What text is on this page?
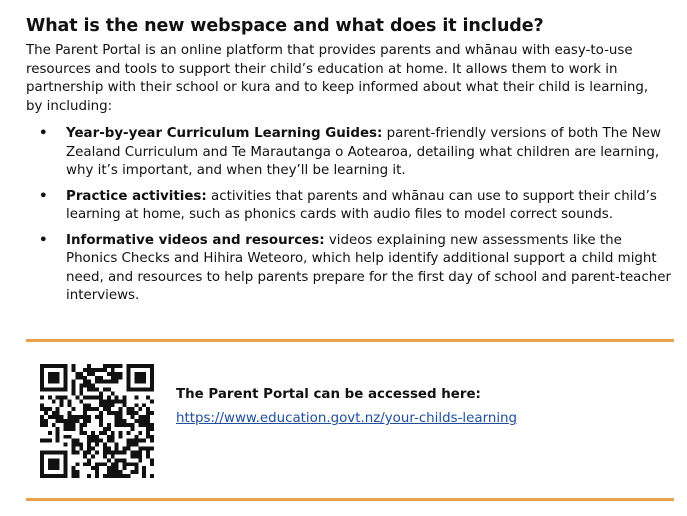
What is the new webspace and what does it include?

The Parent Portal is an online platform that provides parents and whānau with easy-to-use resources and tools to support their child’s education at home. It allows them to work in partnership with their school or kura and to keep informed about what their child is learning, by including:

• Year-by-year Curriculum Learning Guides: parent-friendly versions of both The New Zealand Curriculum and Te Marautanga o Aotearoa, detailing what children are learning, why it’s important, and when they’ll be learning it.
• Practice activities: activities that parents and whānau can use to support their child’s learning at home, such as phonics cards with audio files to model correct sounds.
• Informative videos and resources: videos explaining new assessments like the Phonics Checks and Hihira Weteoro, which help identify additional support a child might need, and resources to help parents prepare for the first day of school and parent-teacher interviews.
The Parent Portal can be accessed here:
https://www.education.govt.nz/your-childs-learning
